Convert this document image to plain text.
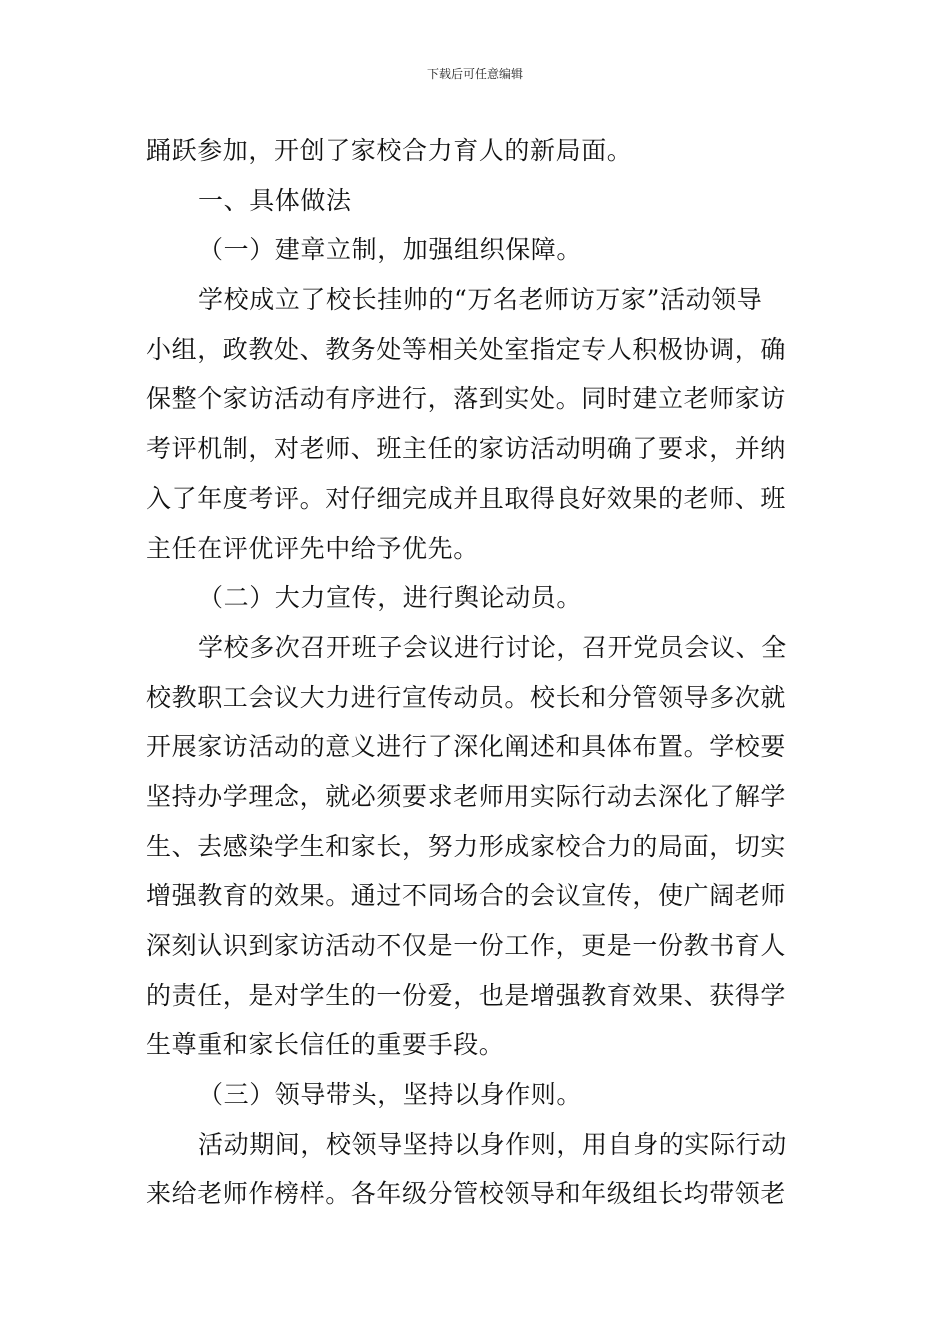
下载后可任意编辑
踊跃参加，开创了家校合力育人的新局面。
一、具体做法
（一）建章立制，加强组织保障。
学校成立了校长挂帅的“万名老师访万家”活动领导
小组，政教处、教务处等相关处室指定专人积极协调，确
保整个家访活动有序进行，落到实处。同时建立老师家访
考评机制，对老师、班主任的家访活动明确了要求，并纳
入了年度考评。对仔细完成并且取得良好效果的老师、班
主任在评优评先中给予优先。
（二）大力宣传，进行舆论动员。
学校多次召开班子会议进行讨论，召开党员会议、全
校教职工会议大力进行宣传动员。校长和分管领导多次就
开展家访活动的意义进行了深化阐述和具体布置。学校要
坚持办学理念，就必须要求老师用实际行动去深化了解学
生、去感染学生和家长，努力形成家校合力的局面，切实
增强教育的效果。通过不同场合的会议宣传，使广阔老师
深刻认识到家访活动不仅是一份工作，更是一份教书育人
的责任，是对学生的一份爱，也是增强教育效果、获得学
生尊重和家长信任的重要手段。
（三）领导带头，坚持以身作则。
活动期间，校领导坚持以身作则，用自身的实际行动
来给老师作榜样。各年级分管校领导和年级组长均带领老
